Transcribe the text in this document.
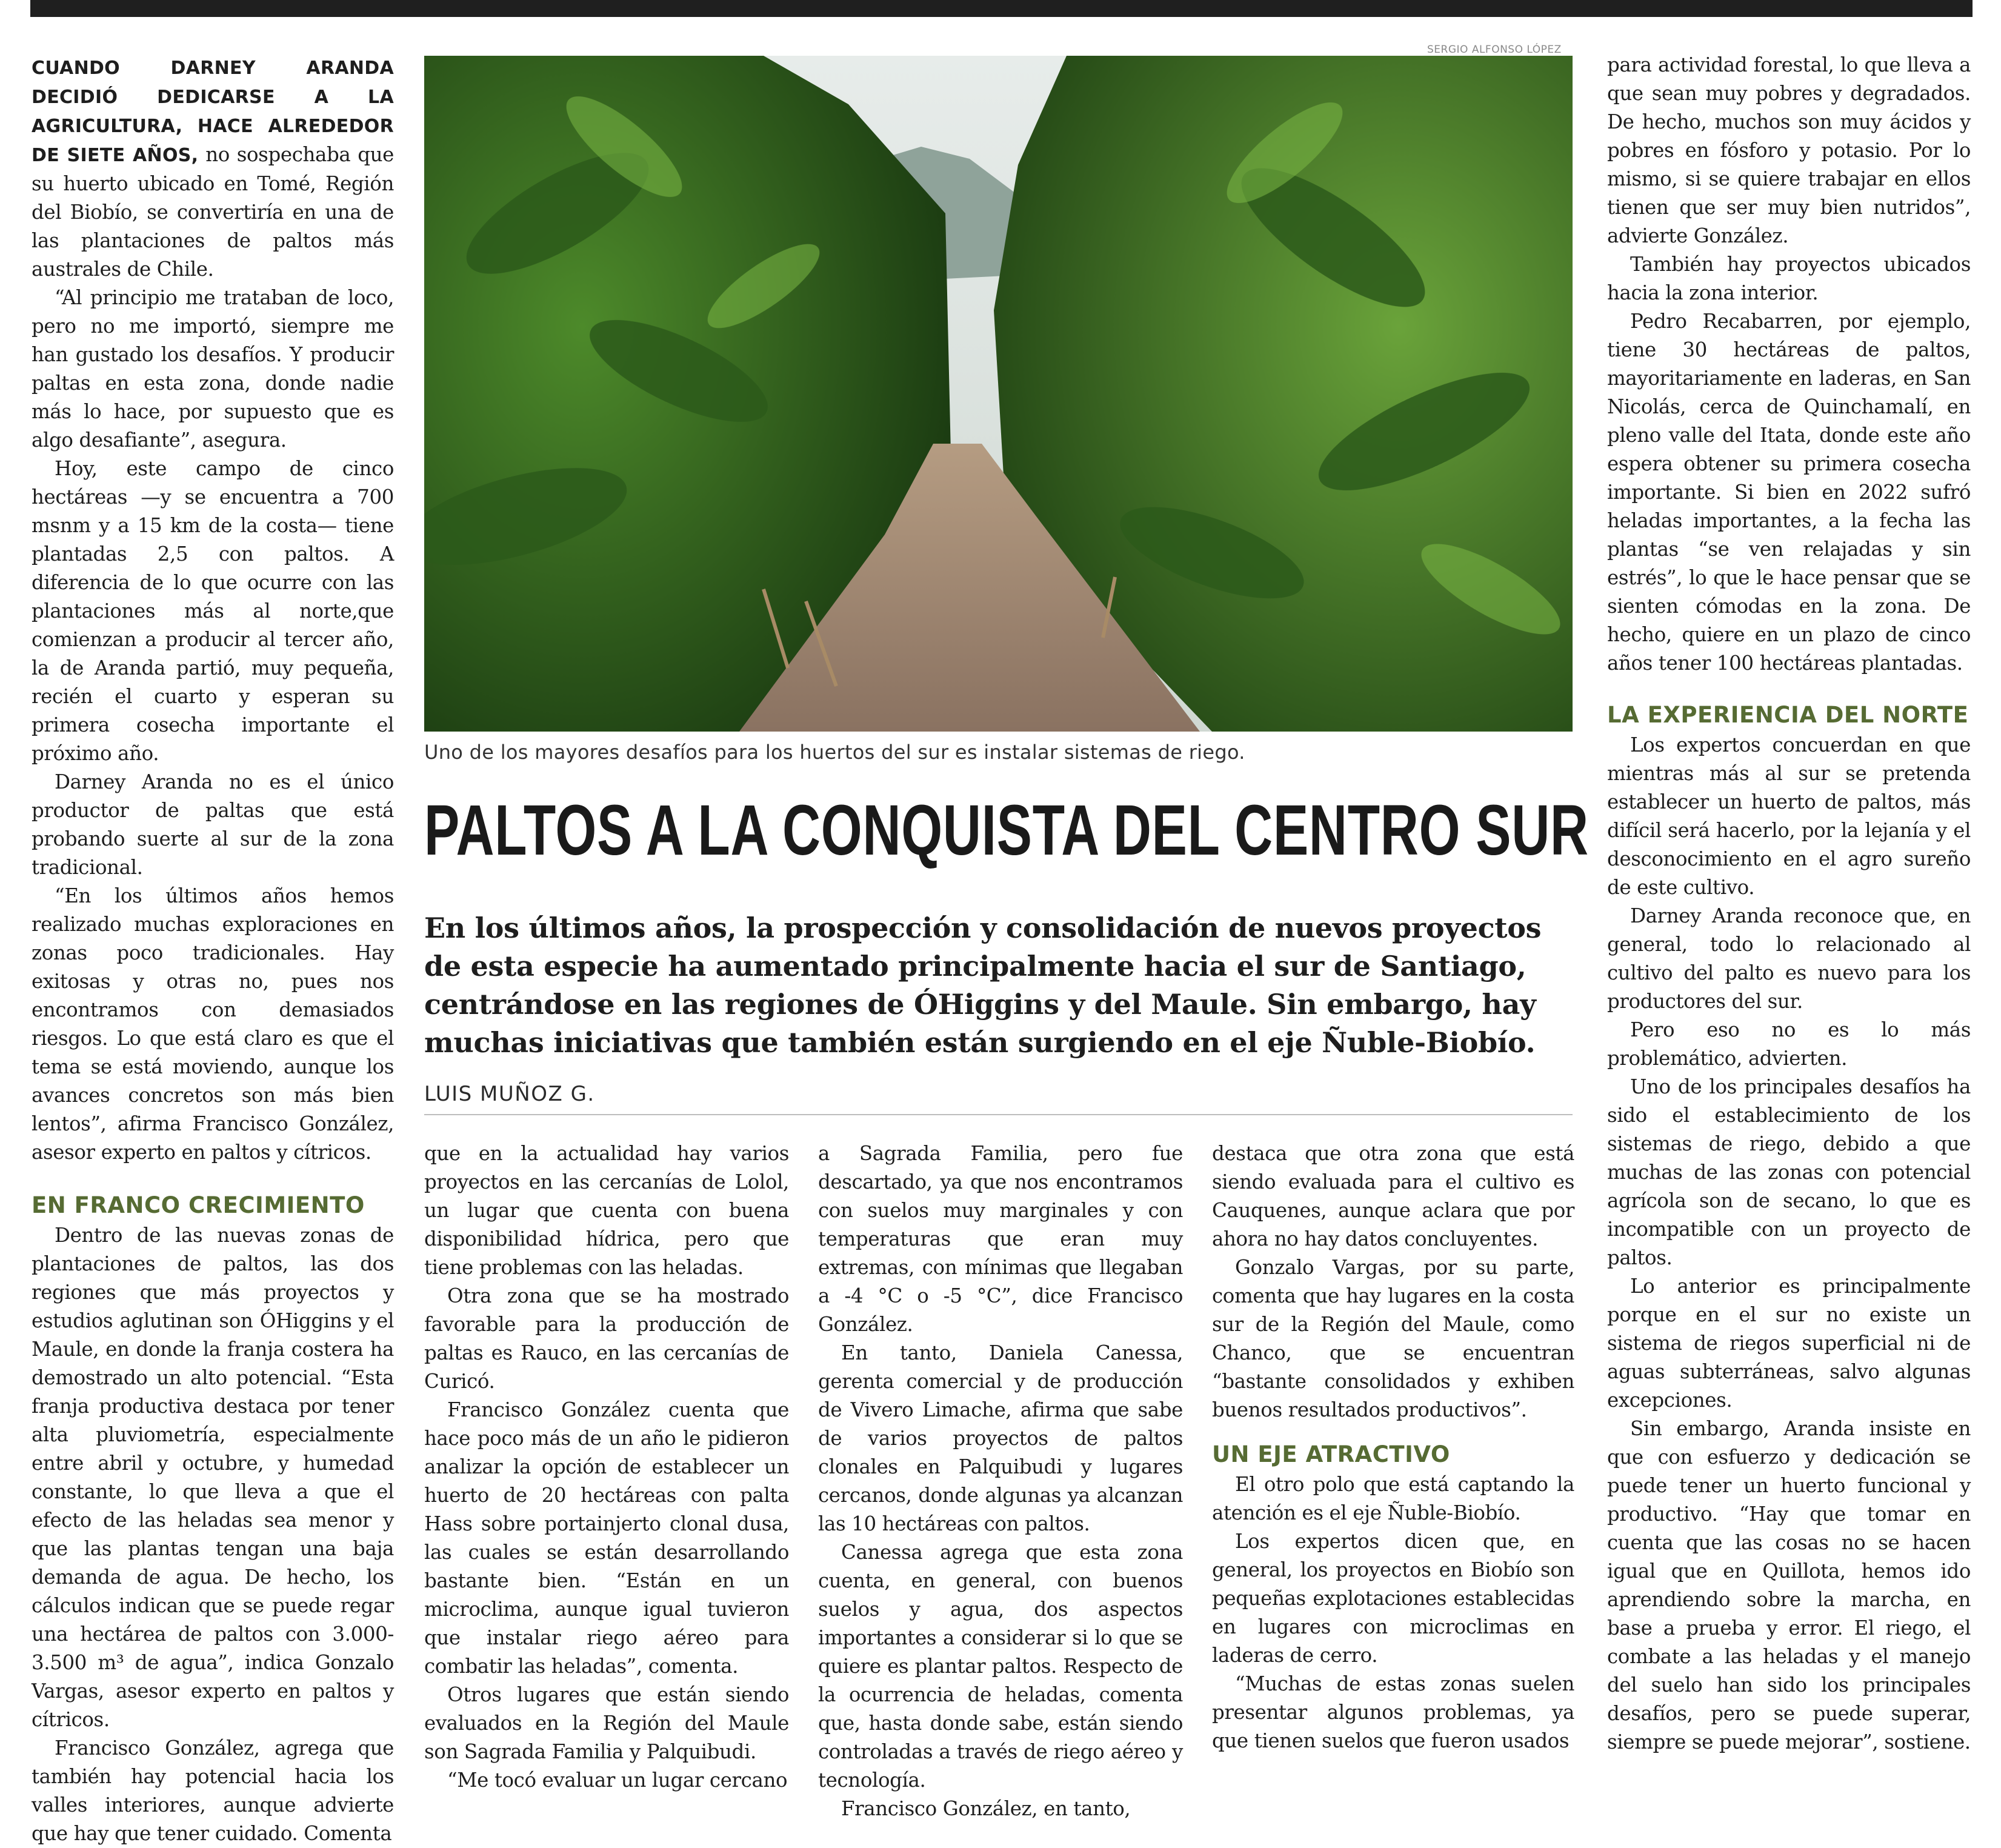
CUANDO DARNEY ARANDA DECIDIÓ DEDICARSE A LA AGRICULTURA, HACE ALREDEDOR DE SIETE AÑOS, no sospechaba que su huerto ubicado en Tomé, Región del Biobío, se convertiría en una de las plantaciones de paltos más australes de Chile.

“Al principio me trataban de loco, pero no me importó, siempre me han gustado los desafíos. Y producir paltas en esta zona, donde nadie más lo hace, por supuesto que es algo desafiante”, asegura.

Hoy, este campo de cinco hectáreas —y se encuentra a 700 msnm y a 15 km de la costa— tiene plantadas 2,5 con paltos. A diferencia de lo que ocurre con las plantaciones más al norte,que comienzan a producir al tercer año, la de Aranda partió, muy pequeña, recién el cuarto y esperan su primera cosecha importante el próximo año.

Darney Aranda no es el único productor de paltas que está probando suerte al sur de la zona tradicional.

“En los últimos años hemos realizado muchas exploraciones en zonas poco tradicionales. Hay exitosas y otras no, pues nos encontramos con demasiados riesgos. Lo que está claro es que el tema se está moviendo, aunque los avances concretos son más bien lentos”, afirma Francisco González, asesor experto en paltos y cítricos.

EN FRANCO CRECIMIENTO

Dentro de las nuevas zonas de plantaciones de paltos, las dos regiones que más proyectos y estudios aglutinan son ÓHiggins y el Maule, en donde la franja costera ha demostrado un alto potencial. “Esta franja productiva destaca por tener alta pluviometría, especialmente entre abril y octubre, y humedad constante, lo que lleva a que el efecto de las heladas sea menor y que las plantas tengan una baja demanda de agua. De hecho, los cálculos indican que se puede regar una hectárea de paltos con 3.000-3.500 m³ de agua”, indica Gonzalo Vargas, asesor experto en paltos y cítricos.

Francisco González, agrega que también hay potencial hacia los valles interiores, aunque advierte que hay que tener cuidado. Comenta

SERGIO ALFONSO LÓPEZ
Uno de los mayores desafíos para los huertos del sur es instalar sistemas de riego.
PALTOS A LA CONQUISTA DEL CENTRO SUR

En los últimos años, la prospección y consolidación de nuevos proyectos de esta especie ha aumentado principalmente hacia el sur de Santiago, centrándose en las regiones de ÓHiggins y del Maule. Sin embargo, hay muchas iniciativas que también están surgiendo en el eje Ñuble-Biobío.

LUIS MUÑOZ G.

que en la actualidad hay varios proyectos en las cercanías de Lolol, un lugar que cuenta con buena disponibilidad hídrica, pero que tiene problemas con las heladas.

Otra zona que se ha mostrado favorable para la producción de paltas es Rauco, en las cercanías de Curicó.

Francisco González cuenta que hace poco más de un año le pidieron analizar la opción de establecer un huerto de 20 hectáreas con palta Hass sobre portainjerto clonal dusa, las cuales se están desarrollando bastante bien. “Están en un microclima, aunque igual tuvieron que instalar riego aéreo para combatir las heladas”, comenta.

Otros lugares que están siendo evaluados en la Región del Maule son Sagrada Familia y Palquibudi.

“Me tocó evaluar un lugar cercano

a Sagrada Familia, pero fue descartado, ya que nos encontramos con suelos muy marginales y con temperaturas que eran muy extremas, con mínimas que llegaban a -4 °C o -5 °C”, dice Francisco González.

En tanto, Daniela Canessa, gerenta comercial y de producción de Vivero Limache, afirma que sabe de varios proyectos de paltos clonales en Palquibudi y lugares cercanos, donde algunas ya alcanzan las 10 hectáreas con paltos.

Canessa agrega que esta zona cuenta, en general, con buenos suelos y agua, dos aspectos importantes a considerar si lo que se quiere es plantar paltos. Respecto de la ocurrencia de heladas, comenta que, hasta donde sabe, están siendo controladas a través de riego aéreo y tecnología.

Francisco González, en tanto,

destaca que otra zona que está siendo evaluada para el cultivo es Cauquenes, aunque aclara que por ahora no hay datos concluyentes.

Gonzalo Vargas, por su parte, comenta que hay lugares en la costa sur de la Región del Maule, como Chanco, que se encuentran “bastante consolidados y exhiben buenos resultados productivos”.

UN EJE ATRACTIVO

El otro polo que está captando la atención es el eje Ñuble-Biobío.

Los expertos dicen que, en general, los proyectos en Biobío son pequeñas explotaciones establecidas en lugares con microclimas en laderas de cerro.

“Muchas de estas zonas suelen presentar algunos problemas, ya que tienen suelos que fueron usados

para actividad forestal, lo que lleva a que sean muy pobres y degradados. De hecho, muchos son muy ácidos y pobres en fósforo y potasio. Por lo mismo, si se quiere trabajar en ellos tienen que ser muy bien nutridos”, advierte González.

También hay proyectos ubicados hacia la zona interior.

Pedro Recabarren, por ejemplo, tiene 30 hectáreas de paltos, mayoritariamente en laderas, en San Nicolás, cerca de Quinchamalí, en pleno valle del Itata, donde este año espera obtener su primera cosecha importante. Si bien en 2022 sufró heladas importantes, a la fecha las plantas “se ven relajadas y sin estrés”, lo que le hace pensar que se sienten cómodas en la zona. De hecho, quiere en un plazo de cinco años tener 100 hectáreas plantadas.

LA EXPERIENCIA DEL NORTE

Los expertos concuerdan en que mientras más al sur se pretenda establecer un huerto de paltos, más difícil será hacerlo, por la lejanía y el desconocimiento en el agro sureño de este cultivo.

Darney Aranda reconoce que, en general, todo lo relacionado al cultivo del palto es nuevo para los productores del sur.

Pero eso no es lo más problemático, advierten.

Uno de los principales desafíos ha sido el establecimiento de los sistemas de riego, debido a que muchas de las zonas con potencial agrícola son de secano, lo que es incompatible con un proyecto de paltos.

Lo anterior es principalmente porque en el sur no existe un sistema de riegos superficial ni de aguas subterráneas, salvo algunas excepciones.

Sin embargo, Aranda insiste en que con esfuerzo y dedicación se puede tener un huerto funcional y productivo. “Hay que tomar en cuenta que las cosas no se hacen igual que en Quillota, hemos ido aprendiendo sobre la marcha, en base a prueba y error. El riego, el combate a las heladas y el manejo del suelo han sido los principales desafíos, pero se puede superar, siempre se puede mejorar”, sostiene.
